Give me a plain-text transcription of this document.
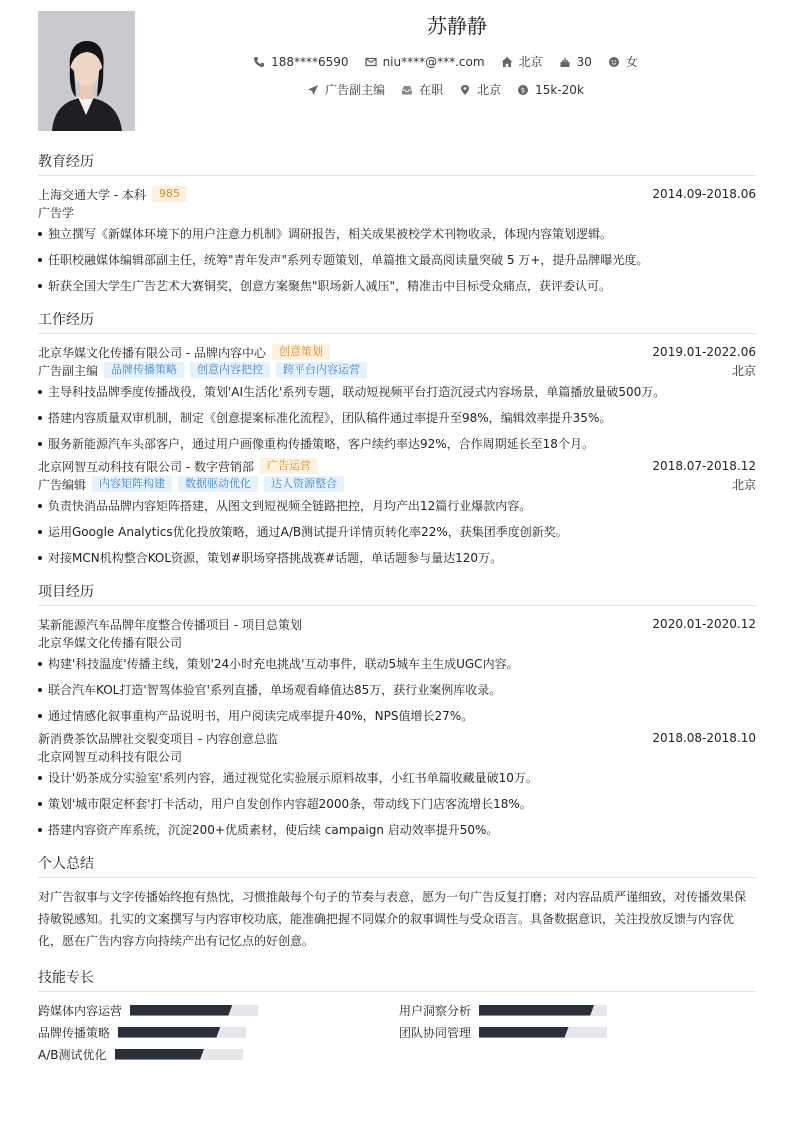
苏静静
188****6590	niu****@***.com	北京	30	女
广告副主编	在职	北京	$ 15k-20k
教育经历
上海交通大学 - 本科	985	2014.09-2018.06
广告学
独立撰写《新媒体环境下的用户注意力机制》调研报告，相关成果被校学术刊物收录，体现内容策划逻辑。
任职校融媒体编辑部副主任，统筹"青年发声"系列专题策划，单篇推文最高阅读量突破 5 万+，提升品牌曝光度。
斩获全国大学生广告艺术大赛铜奖，创意方案聚焦"职场新人减压"，精准击中目标受众痛点，获评委认可。
工作经历
北京华媒文化传播有限公司 - 品牌内容中心	创意策划	2019.01-2022.06
广告副主编	品牌传播策略	创意内容把控	跨平台内容运营	北京
主导科技品牌季度传播战役，策划'AI生活化'系列专题，联动短视频平台打造沉浸式内容场景，单篇播放量破500万。
搭建内容质量双审机制，制定《创意提案标准化流程》，团队稿件通过率提升至98%，编辑效率提升35%。
服务新能源汽车头部客户，通过用户画像重构传播策略，客户续约率达92%，合作周期延长至18个月。
北京网智互动科技有限公司 - 数字营销部	广告运营	2018.07-2018.12
广告编辑	内容矩阵构建	数据驱动优化	达人资源整合	北京
负责快消品品牌内容矩阵搭建，从图文到短视频全链路把控，月均产出12篇行业爆款内容。
运用Google Analytics优化投放策略，通过A/B测试提升详情页转化率22%，获集团季度创新奖。
对接MCN机构整合KOL资源，策划#职场穿搭挑战赛#话题，单话题参与量达120万。
项目经历
某新能源汽车品牌年度整合传播项目 - 项目总策划	2020.01-2020.12
北京华媒文化传播有限公司
构建'科技温度'传播主线，策划'24小时充电挑战'互动事件，联动5城车主生成UGC内容。
联合汽车KOL打造'智驾体验官'系列直播，单场观看峰值达85万，获行业案例库收录。
通过情感化叙事重构产品说明书，用户阅读完成率提升40%，NPS值增长27%。
新消费茶饮品牌社交裂变项目 - 内容创意总监	2018.08-2018.10
北京网智互动科技有限公司
设计'奶茶成分实验室'系列内容，通过视觉化实验展示原料故事，小红书单篇收藏量破10万。
策划'城市限定杯套'打卡活动，用户自发创作内容超2000条，带动线下门店客流增长18%。
搭建内容资产库系统，沉淀200+优质素材，使后续 campaign 启动效率提升50%。
个人总结
对广告叙事与文字传播始终抱有热忱，习惯推敲每个句子的节奏与表意，愿为一句广告反复打磨；对内容品质严谨细致，对传播效果保持敏锐感知。扎实的文案撰写与内容审校功底，能准确把握不同媒介的叙事调性与受众语言。具备数据意识，关注投放反馈与内容优化，愿在广告内容方向持续产出有记忆点的好创意。
技能专长
跨媒体内容运营	用户洞察分析
品牌传播策略	团队协同管理
A/B测试优化
